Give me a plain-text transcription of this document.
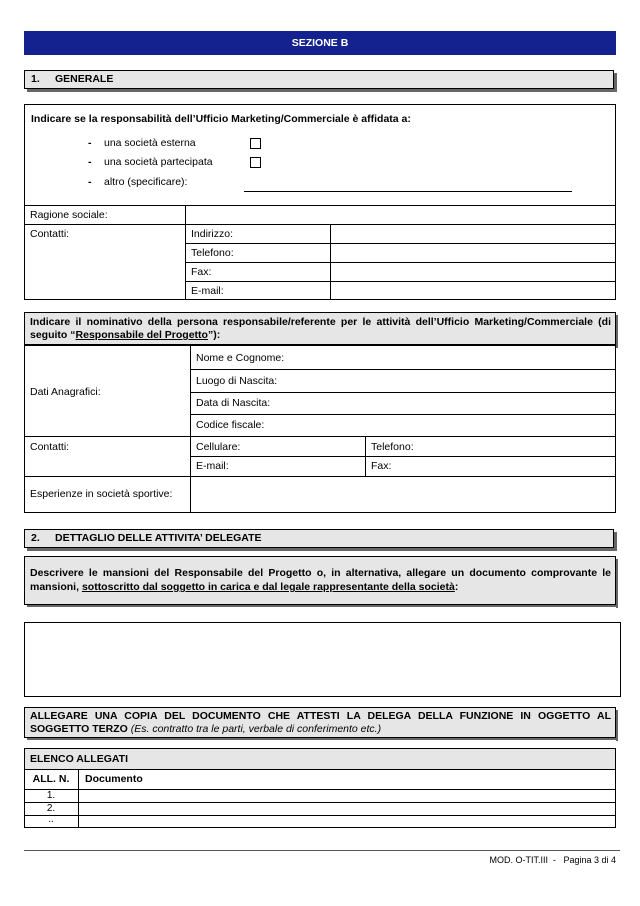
SEZIONE B
1. GENERALE
Indicare se la responsabilità dell’Ufficio Marketing/Commerciale è affidata a:
- una società esterna
- una società partecipata
- altro (specificare):
Ragione sociale:
Contatti:	Indirizzo:
Telefono:
Fax:
E-mail:
Indicare il nominativo della persona responsabile/referente per le attività dell’Ufficio Marketing/Commerciale (di seguito “Responsabile del Progetto”):
Dati Anagrafici:
Nome e Cognome:
Luogo di Nascita:
Data di Nascita:
Codice fiscale:
Contatti:	Cellulare:	Telefono:
E-mail:	Fax:
Esperienze in società sportive:
2. DETTAGLIO DELLE ATTIVITA’ DELEGATE
Descrivere le mansioni del Responsabile del Progetto o, in alternativa, allegare un documento comprovante le mansioni, sottoscritto dal soggetto in carica e dal legale rappresentante della società:
ALLEGARE UNA COPIA DEL DOCUMENTO CHE ATTESTI LA DELEGA DELLA FUNZIONE IN OGGETTO AL SOGGETTO TERZO (Es. contratto tra le parti, verbale di conferimento etc.)
ELENCO ALLEGATI
ALL. N.	Documento
1.
2.
..
MOD. O-TIT.III  -   Pagina 3 di 4
